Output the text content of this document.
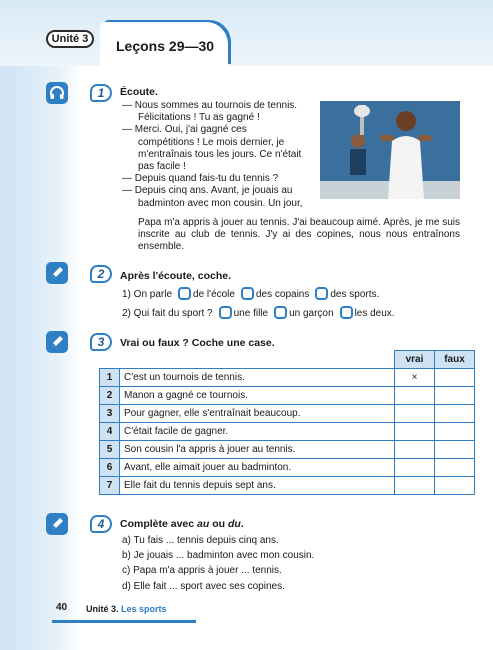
Unité 3	Leçons 29—30
1	Écoute.
— Nous sommes au tournois de tennis.
Félicitations ! Tu as gagné !
— Merci. Oui, j'ai gagné ces
compétitions ! Le mois dernier, je
m'entraînais tous les jours. Ce n'était
pas facile !
— Depuis quand fais-tu du tennis ?
— Depuis cinq ans. Avant, je jouais au
badminton avec mon cousin. Un jour,
Papa m'a appris à jouer au tennis. J'ai beaucoup aimé. Après, je me suis inscrite au club de tennis. J'y ai des copines, nous nous entraînons ensemble.
2	Après l'écoute, coche.
1) On parle de l'école des copains des sports.
2) Qui fait du sport ? une fille un garçon les deux.
3	Vrai ou faux ? Coche une case.
		vrai	faux
1	C'est un tournois de tennis.	×	
2	Manon a gagné ce tournois.		
3	Pour gagner, elle s'entraînait beaucoup.		
4	C'était facile de gagner.		
5	Son cousin l'a appris à jouer au tennis.		
6	Avant, elle aimait jouer au badminton.		
7	Elle fait du tennis depuis sept ans.		
4	Complète avec au ou du.
a) Tu fais ... tennis depuis cinq ans.
b) Je jouais ... badminton avec mon cousin.
c) Papa m'a appris à jouer ... tennis.
d) Elle fait ... sport avec ses copines.
40 Unité 3. Les sports
